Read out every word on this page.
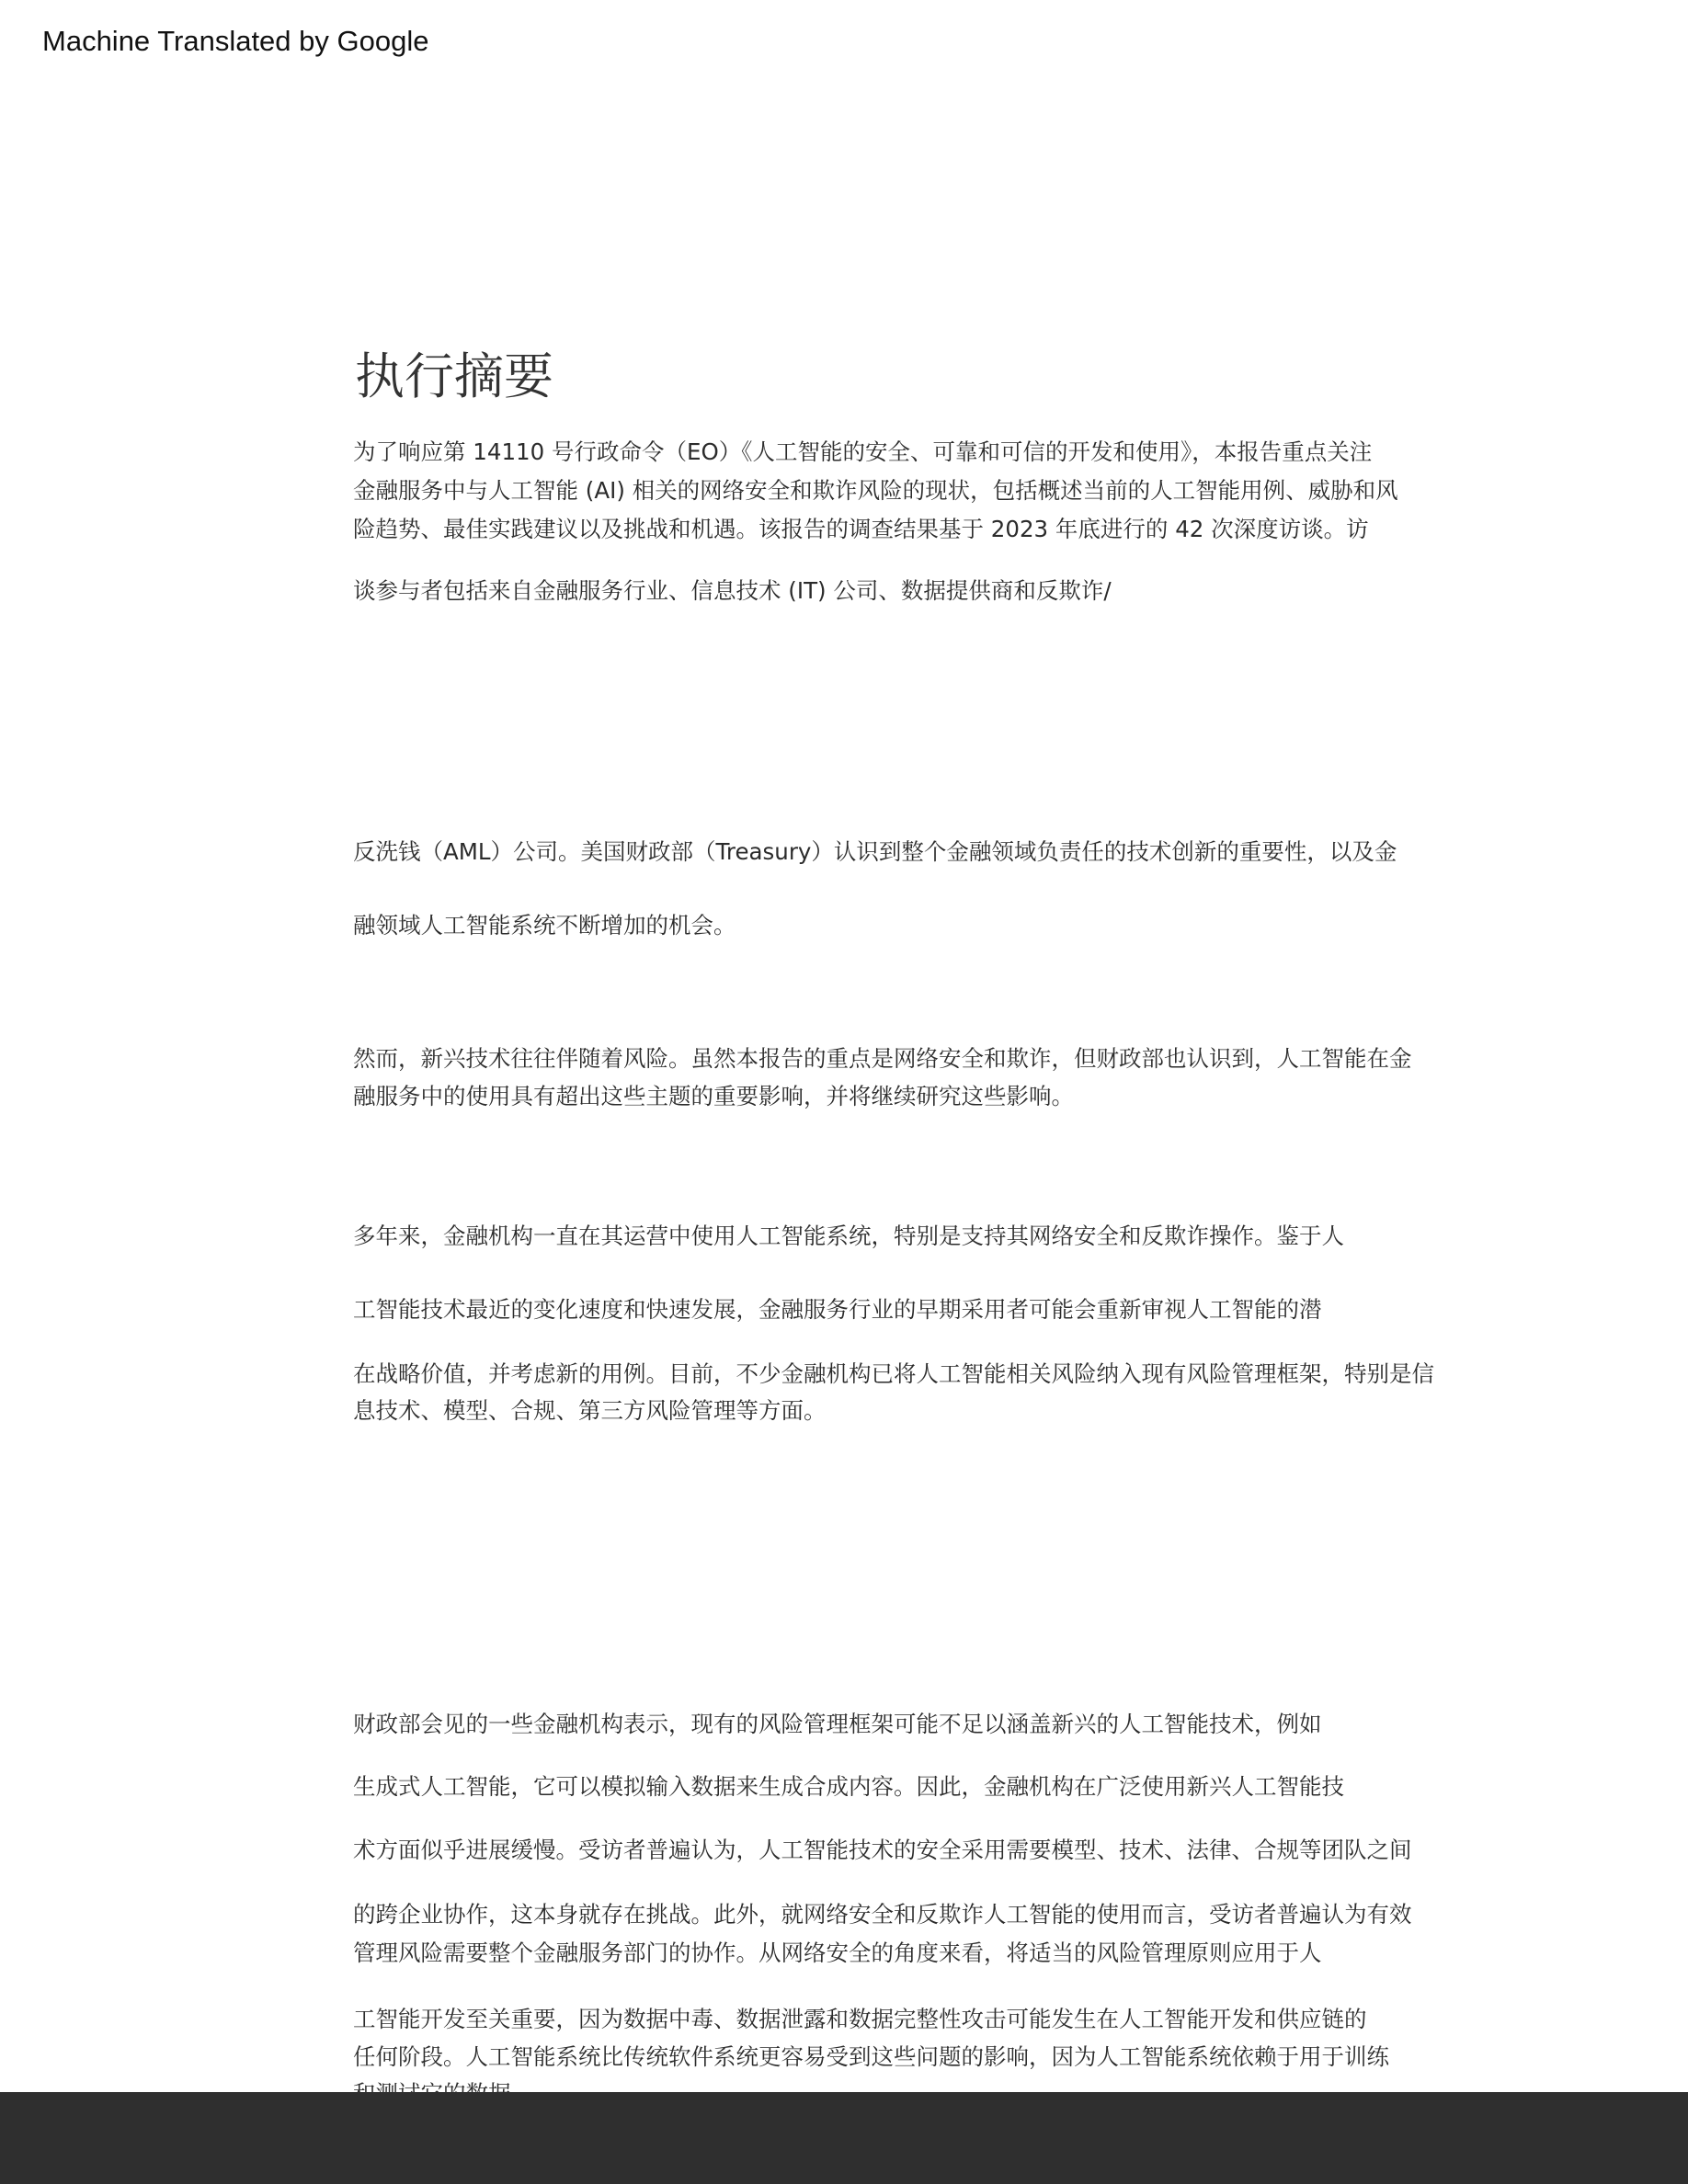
Machine Translated by Google
执行摘要
为了响应第 14110 号行政命令（EO）《人工智能的安全、可靠和可信的开发和使用》，本报告重点关注
金融服务中与人工智能 (AI) 相关的网络安全和欺诈风险的现状，包括概述当前的人工智能用例、威胁和风
险趋势、最佳实践建议以及挑战和机遇。该报告的调查结果基于 2023 年底进行的 42 次深度访谈。访
谈参与者包括来自金融服务行业、信息技术 (IT) 公司、数据提供商和反欺诈/
反洗钱（AML）公司。美国财政部（Treasury）认识到整个金融领域负责任的技术创新的重要性，以及金
融领域人工智能系统不断增加的机会。
然而，新兴技术往往伴随着风险。虽然本报告的重点是网络安全和欺诈，但财政部也认识到，人工智能在金
融服务中的使用具有超出这些主题的重要影响，并将继续研究这些影响。
多年来，金融机构一直在其运营中使用人工智能系统，特别是支持其网络安全和反欺诈操作。鉴于人
工智能技术最近的变化速度和快速发展，金融服务行业的早期采用者可能会重新审视人工智能的潜
在战略价值，并考虑新的用例。目前，不少金融机构已将人工智能相关风险纳入现有风险管理框架，特别是信
息技术、模型、合规、第三方风险管理等方面。
财政部会见的一些金融机构表示，现有的风险管理框架可能不足以涵盖新兴的人工智能技术，例如
生成式人工智能，它可以模拟输入数据来生成合成内容。因此，金融机构在广泛使用新兴人工智能技
术方面似乎进展缓慢。受访者普遍认为，人工智能技术的安全采用需要模型、技术、法律、合规等团队之间
的跨企业协作，这本身就存在挑战。此外，就网络安全和反欺诈人工智能的使用而言，受访者普遍认为有效
管理风险需要整个金融服务部门的协作。从网络安全的角度来看，将适当的风险管理原则应用于人
工智能开发至关重要，因为数据中毒、数据泄露和数据完整性攻击可能发生在人工智能开发和供应链的
任何阶段。人工智能系统比传统软件系统更容易受到这些问题的影响，因为人工智能系统依赖于用于训练
